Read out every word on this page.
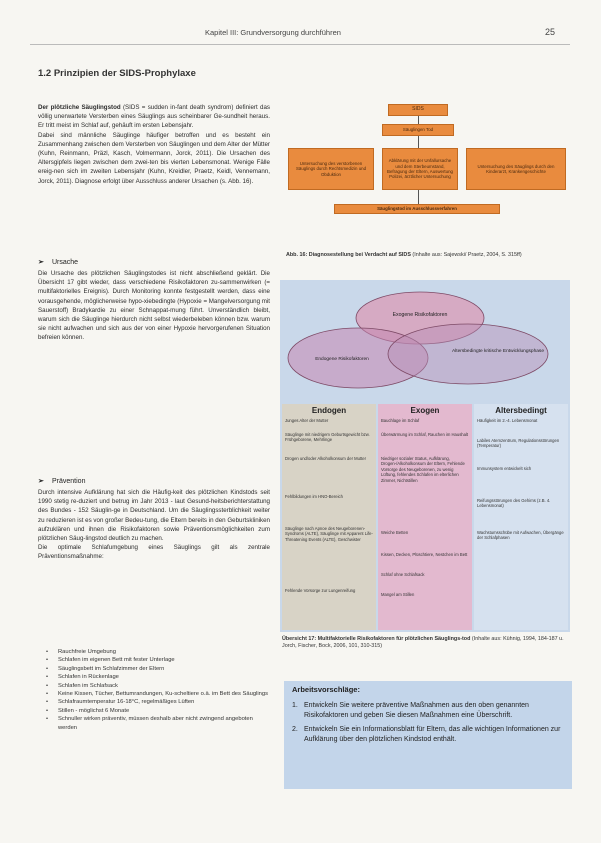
Kapitel III: Grundversorgung durchführen	25
1.2 Prinzipien der SIDS-Prophylaxe

Der plötzliche Säuglingstod (SIDS = sudden in-fant death syndrom) definiert das völlig unerwartete Versterben eines Säuglings aus scheinbarer Ge-sundheit heraus. Er tritt meist im Schlaf auf, gehäuft im ersten Lebensjahr.

Dabei sind männliche Säuglinge häufiger betroffen und es besteht ein Zusammenhang zwischen dem Versterben von Säuglingen und dem Alter der Mütter (Kuhn, Reinmann, Präzl, Kasch, Volmermann, Jorck, 2011). Die Ursachen des Altersgipfels liegen zwischen dem zwei-ten bis vierten Lebensmonat. Wenige Fälle ereig-nen sich im zweiten Lebensjahr (Kuhn, Kreidler, Praetz, Keidl, Vennemann, Jorck, 2011). Diagnose erfolgt über Ausschluss anderer Ursachen (s. Abb. 16).

➢ Ursache
Die Ursache des plötzlichen Säuglingstodes ist nicht abschließend geklärt. Die Übersicht 17 gibt wieder, dass verschiedene Risikofaktoren zu-sammenwirken (= multifaktorielles Ereignis). Durch Monitoring konnte festgestellt werden, dass eine vorausgehende, möglicherweise hypo-xiebedingte (Hypoxie = Mangelversorgung mit Sauerstoff) Bradykardie zu einer Schnappat-mung führt. Unverständlich bleibt, warum sich die Säuglinge hierdurch nicht selbst wiederbeleben können bzw. warum sie nicht aufwachen und sich aus der von einer Hypoxie hervorgerufenen Situation befreien können.
➢ Prävention

Durch intensive Aufklärung hat sich die Häufig-keit des plötzlichen Kindstods seit 1990 stetig re-duziert und betrug im Jahr 2013 - laut Gesund-heitsberichterstattung des Bundes - 152 Säuglin-ge in Deutschland. Um die Säuglingssterblichkeit weiter zu reduzieren ist es von großer Bedeu-tung, die Eltern bereits in den Geburtskliniken aufzuklären und ihnen die Risikofaktoren sowie Präventionsmöglichkeiten zum plötzlichen Säug-lingstod deutlich zu machen.

Die optimale Schlafumgebung eines Säuglings gilt als zentrale Präventionsmaßnahme:

• Rauchfreie Umgebung
• Schlafen im eigenen Bett mit fester Unterlage
• Säuglingsbett im Schlafzimmer der Eltern
• Schlafen in Rückenlage
• Schlafen im Schlafsack
• Keine Kissen, Tücher, Bettumrandungen, Ku-scheltiere o.ä. im Bett des Säuglings
• Schlafraumtemperatur 16-18°C, regelmäßiges Lüften
• Stillen - möglichst 6 Monate
• Schnuller wirken präventiv, müssen deshalb aber nicht zwingend angeboten werden
SIDS
Säuglingen Tod
Untersuchung des verstorbenen Säuglings durch Rechtsmedizin und Obduktion
Abklärung mit der Unfallursache und dem Sterbeumstand, Befragung der Eltern, Auswertung Polizei, ärztlicher Untersuchung
Untersuchung des Säuglings durch den Kinderarzt, Krankengeschichte
Säuglingstod im Ausschlussverfahren
Abb. 16: Diagnosestellung bei Verdacht auf SIDS (Inhalte aus: Sajewski/ Praetz, 2004, S. 315ff)
Exogene Risikofaktoren
Endogene Risikofaktoren
Altersbedingte kritische Entwicklungsphase
Endogen
Junges Alter der Mutter
Säuglinge mit niedrigem Geburtsgewicht bzw. Frühgeborene, Mehrlinge
Drogen und/oder Alkoholkonsum der Mutter
Fehlbildungen im HNO-Bereich
Säuglinge nach Apnoe des Neugeborenen-Syndroms (ALTE), Säuglinge mit Apparent Life-Threatening Events (ALTE), Geschwister
Fehlende Vorsorge zur Lungenreifung
Exogen
Bauchlage im Schlaf
Überwärmung im Schlaf, Rauchen im Haushalt
Niedriger sozialer Status, Aufklärung, Drogen-/Alkoholkonsum der Eltern, Fehlende Vorsorge des Neugeborenen, zu wenig Lüftung, fehlendes Schlafen im elterlichen Zimmer, Nichtstillen
Weiche Betten
Kissen, Decken, Plüschtiere, Nestchen im Bett
Schlaf ohne Schlafsack
Mangel am Stillen
Altersbedingt
Häufigkeit im 2.-4. Lebensmonat
Labiles Atemzentrum, Regulationsstörungen (Temperatur)
Immunsystem entwickelt sich
Reifungsstörungen des Gehirns (z.B. 4. Lebensmonat)
Wachstumsschübe mit Aufwachen, Übergänge der Schlafphasen
Übersicht 17: Multifaktorielle Risikofaktoren für plötzlichen Säuglings-tod (Inhalte aus: Kühnig, 1994, 184-187 u. Jorch, Fischer, Bock, 2006, 101, 310-315)
Arbeitsvorschläge:
1. Entwickeln Sie weitere präventive Maßnahmen aus den oben genannten Risikofaktoren und geben Sie diesen Maßnahmen eine Überschrift.
2. Entwickeln Sie ein Informationsblatt für Eltern, das alle wichtigen Informationen zur Aufklärung über den plötzlichen Kindstod enthält.
